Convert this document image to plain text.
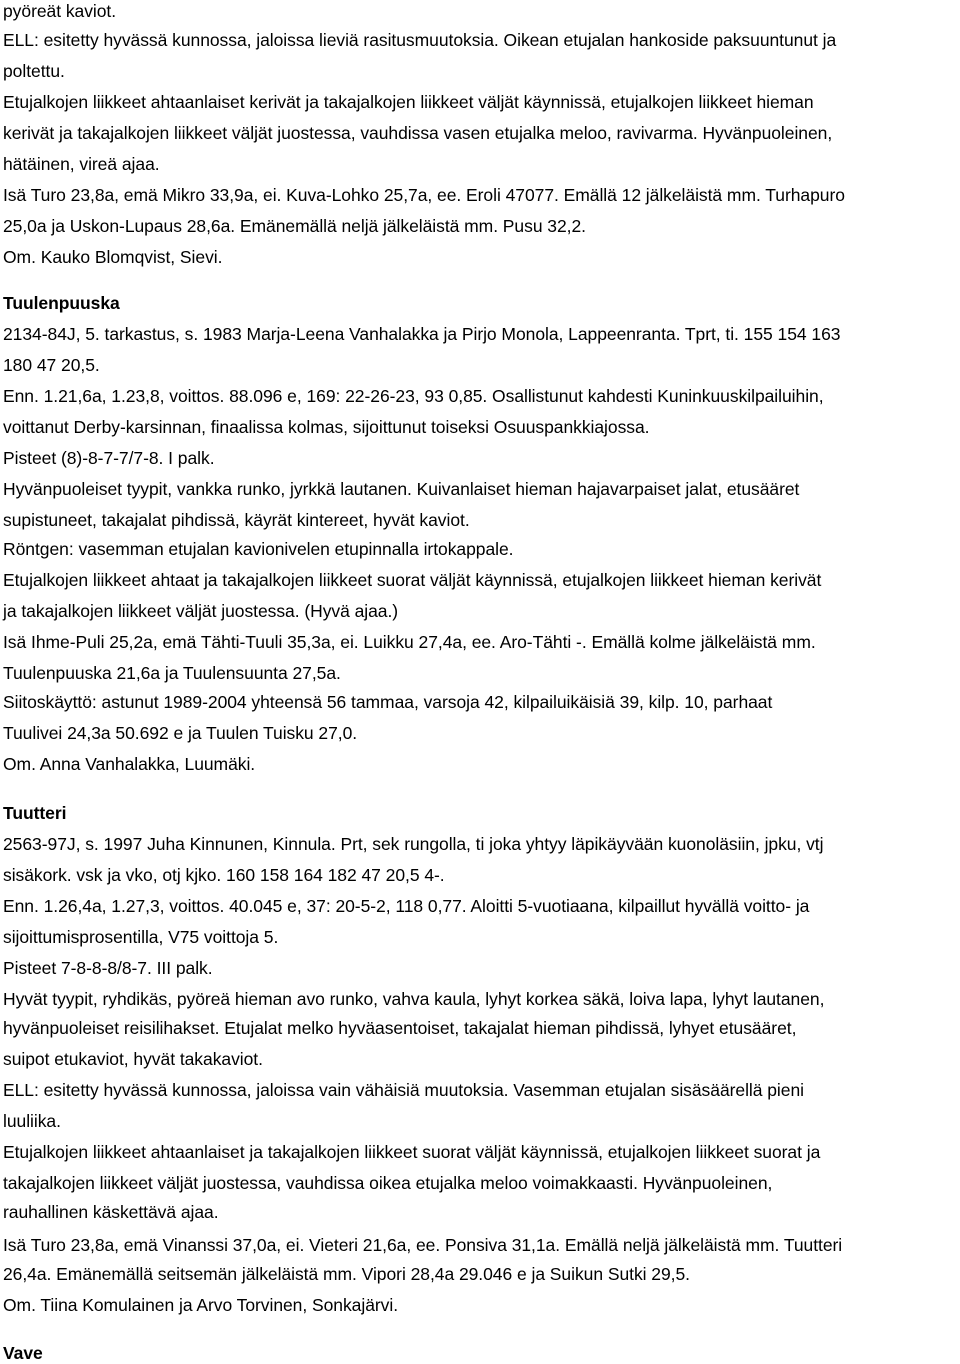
pyöreät kaviot.
ELL: esitetty hyvässä kunnossa, jaloissa lieviä rasitusmuutoksia. Oikean etujalan hankoside paksuuntunut ja
poltettu.
Etujalkojen liikkeet ahtaanlaiset kerivät ja takajalkojen liikkeet väljät käynnissä, etujalkojen liikkeet hieman
kerivät ja takajalkojen liikkeet väljät juostessa, vauhdissa vasen etujalka meloo, ravivarma. Hyvänpuoleinen,
hätäinen, vireä ajaa.
Isä Turo 23,8a, emä Mikro 33,9a, ei. Kuva-Lohko 25,7a, ee. Eroli 47077. Emällä 12 jälkeläistä mm. Turhapuro
25,0a ja Uskon-Lupaus 28,6a. Emänemällä neljä jälkeläistä mm. Pusu 32,2.
Om. Kauko Blomqvist, Sievi.
Tuulenpuuska
2134-84J, 5. tarkastus, s. 1983 Marja-Leena Vanhalakka ja Pirjo Monola, Lappeenranta. Tprt, ti. 155 154 163
180 47 20,5.
Enn. 1.21,6a, 1.23,8, voittos. 88.096 e, 169: 22-26-23, 93 0,85. Osallistunut kahdesti Kuninkuuskilpailuihin,
voittanut Derby-karsinnan, finaalissa kolmas, sijoittunut toiseksi Osuuspankkiajossa.
Pisteet (8)-8-7-7/7-8. I palk.
Hyvänpuoleiset tyypit, vankka runko, jyrkkä lautanen. Kuivanlaiset hieman hajavarpaiset jalat, etusääret
supistuneet, takajalat pihdissä, käyrät kintereet, hyvät kaviot.
Röntgen: vasemman etujalan kavionivelen etupinnalla irtokappale.
Etujalkojen liikkeet ahtaat ja takajalkojen liikkeet suorat väljät käynnissä, etujalkojen liikkeet hieman kerivät
ja takajalkojen liikkeet väljät juostessa. (Hyvä ajaa.)
Isä Ihme-Puli 25,2a, emä Tähti-Tuuli 35,3a, ei. Luikku 27,4a, ee. Aro-Tähti -. Emällä kolme jälkeläistä mm.
Tuulenpuuska 21,6a ja Tuulensuunta 27,5a.
Siitoskäyttö: astunut 1989-2004 yhteensä 56 tammaa, varsoja 42, kilpailuikäisiä 39, kilp. 10, parhaat
Tuulivei 24,3a 50.692 e ja Tuulen Tuisku 27,0.
Om. Anna Vanhalakka, Luumäki.
Tuutteri
2563-97J, s. 1997 Juha Kinnunen, Kinnula. Prt, sek rungolla, ti joka yhtyy läpikäyvään kuonoläsiin, jpku, vtj
sisäkork. vsk ja vko, otj kjko. 160 158 164 182 47 20,5 4-.
Enn. 1.26,4a, 1.27,3, voittos. 40.045 e, 37: 20-5-2, 118 0,77. Aloitti 5-vuotiaana, kilpaillut hyvällä voitto- ja
sijoittumisprosentilla, V75 voittoja 5.
Pisteet 7-8-8-8/8-7. III palk.
Hyvät tyypit, ryhdikäs, pyöreä hieman avo runko, vahva kaula, lyhyt korkea säkä, loiva lapa, lyhyt lautanen,
hyvänpuoleiset reisilihakset. Etujalat melko hyväasentoiset, takajalat hieman pihdissä, lyhyet etusääret,
suipot etukaviot, hyvät takakaviot.
ELL: esitetty hyvässä kunnossa, jaloissa vain vähäisiä muutoksia. Vasemman etujalan sisäsäärellä pieni
luuliika.
Etujalkojen liikkeet ahtaanlaiset ja takajalkojen liikkeet suorat väljät käynnissä, etujalkojen liikkeet suorat ja
takajalkojen liikkeet väljät juostessa, vauhdissa oikea etujalka meloo voimakkaasti. Hyvänpuoleinen,
rauhallinen käskettävä ajaa.
Isä Turo 23,8a, emä Vinanssi 37,0a, ei. Vieteri 21,6a, ee. Ponsiva 31,1a. Emällä neljä jälkeläistä mm. Tuutteri
26,4a. Emänemällä seitsemän jälkeläistä mm. Vipori 28,4a 29.046 e ja Suikun Sutki 29,5.
Om. Tiina Komulainen ja Arvo Torvinen, Sonkajärvi.
Vave
